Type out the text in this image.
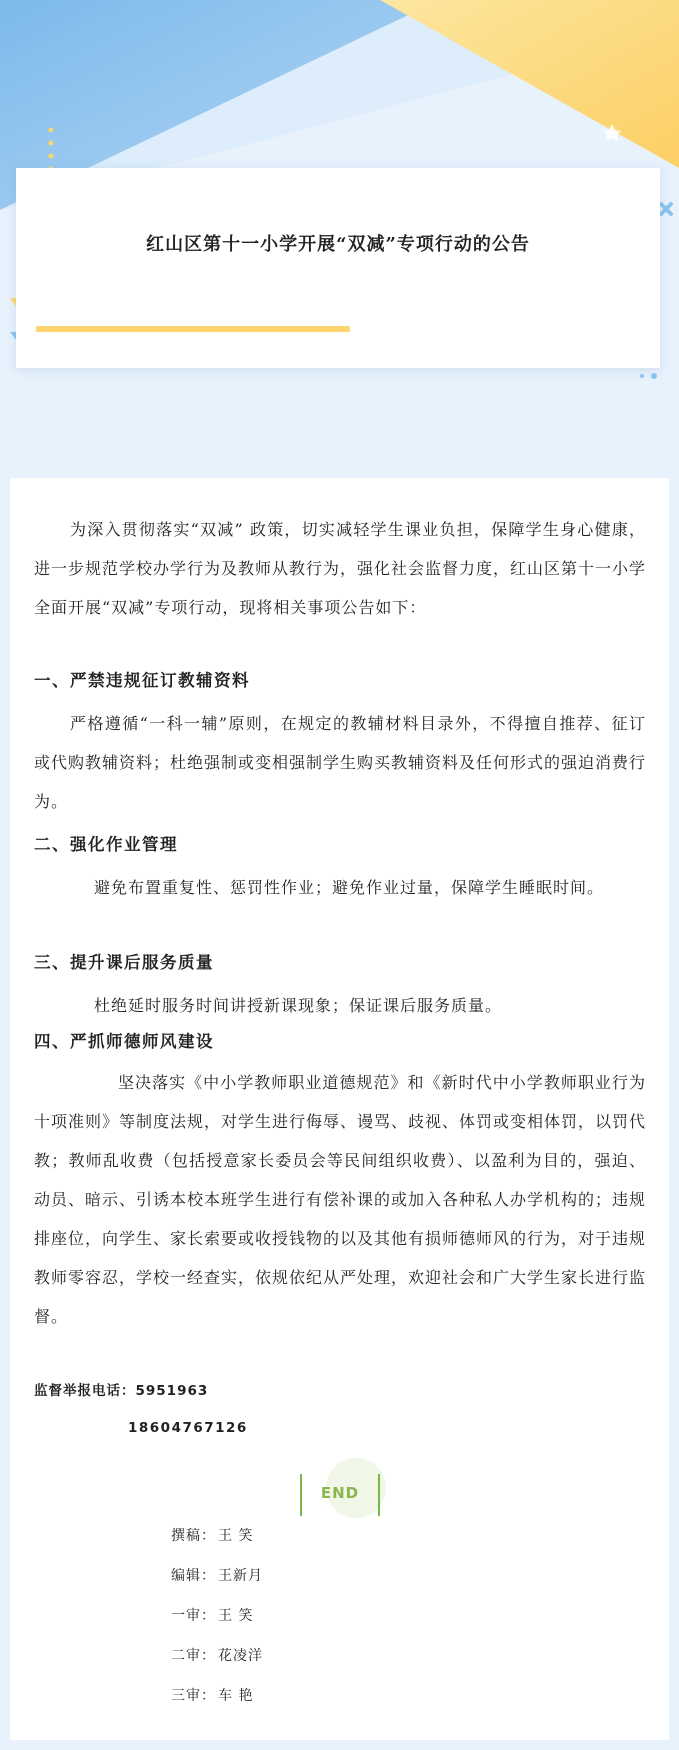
红山区第十一小学开展“双减”专项行动的公告

为深入贯彻落实“双减” 政策，切实减轻学生课业负担，保障学生身心健康，进一步规范学校办学行为及教师从教行为，强化社会监督力度，红山区第十一小学全面开展“双减”专项行动，现将相关事项公告如下：

一、严禁违规征订教辅资料

严格遵循“一科一辅”原则，在规定的教辅材料目录外，不得擅自推荐、征订或代购教辅资料；杜绝强制或变相强制学生购买教辅资料及任何形式的强迫消费行为。

二、强化作业管理

避免布置重复性、惩罚性作业；避免作业过量，保障学生睡眠时间。

三、提升课后服务质量

杜绝延时服务时间讲授新课现象；保证课后服务质量。

四、严抓师德师风建设

坚决落实《中小学教师职业道德规范》和《新时代中小学教师职业行为十项准则》等制度法规，对学生进行侮辱、谩骂、歧视、体罚或变相体罚，以罚代教；教师乱收费（包括授意家长委员会等民间组织收费）、以盈利为目的，强迫、动员、暗示、引诱本校本班学生进行有偿补课的或加入各种私人办学机构的；违规排座位，向学生、家长索要或收授钱物的以及其他有损师德师风的行为，对于违规教师零容忍，学校一经查实，依规依纪从严处理，欢迎社会和广大学生家长进行监督。

监督举报电话：5951963
18604767126
END
撰稿： 王 笑
编辑： 王新月
一审： 王 笑
二审： 花凌洋
三审： 车 艳
